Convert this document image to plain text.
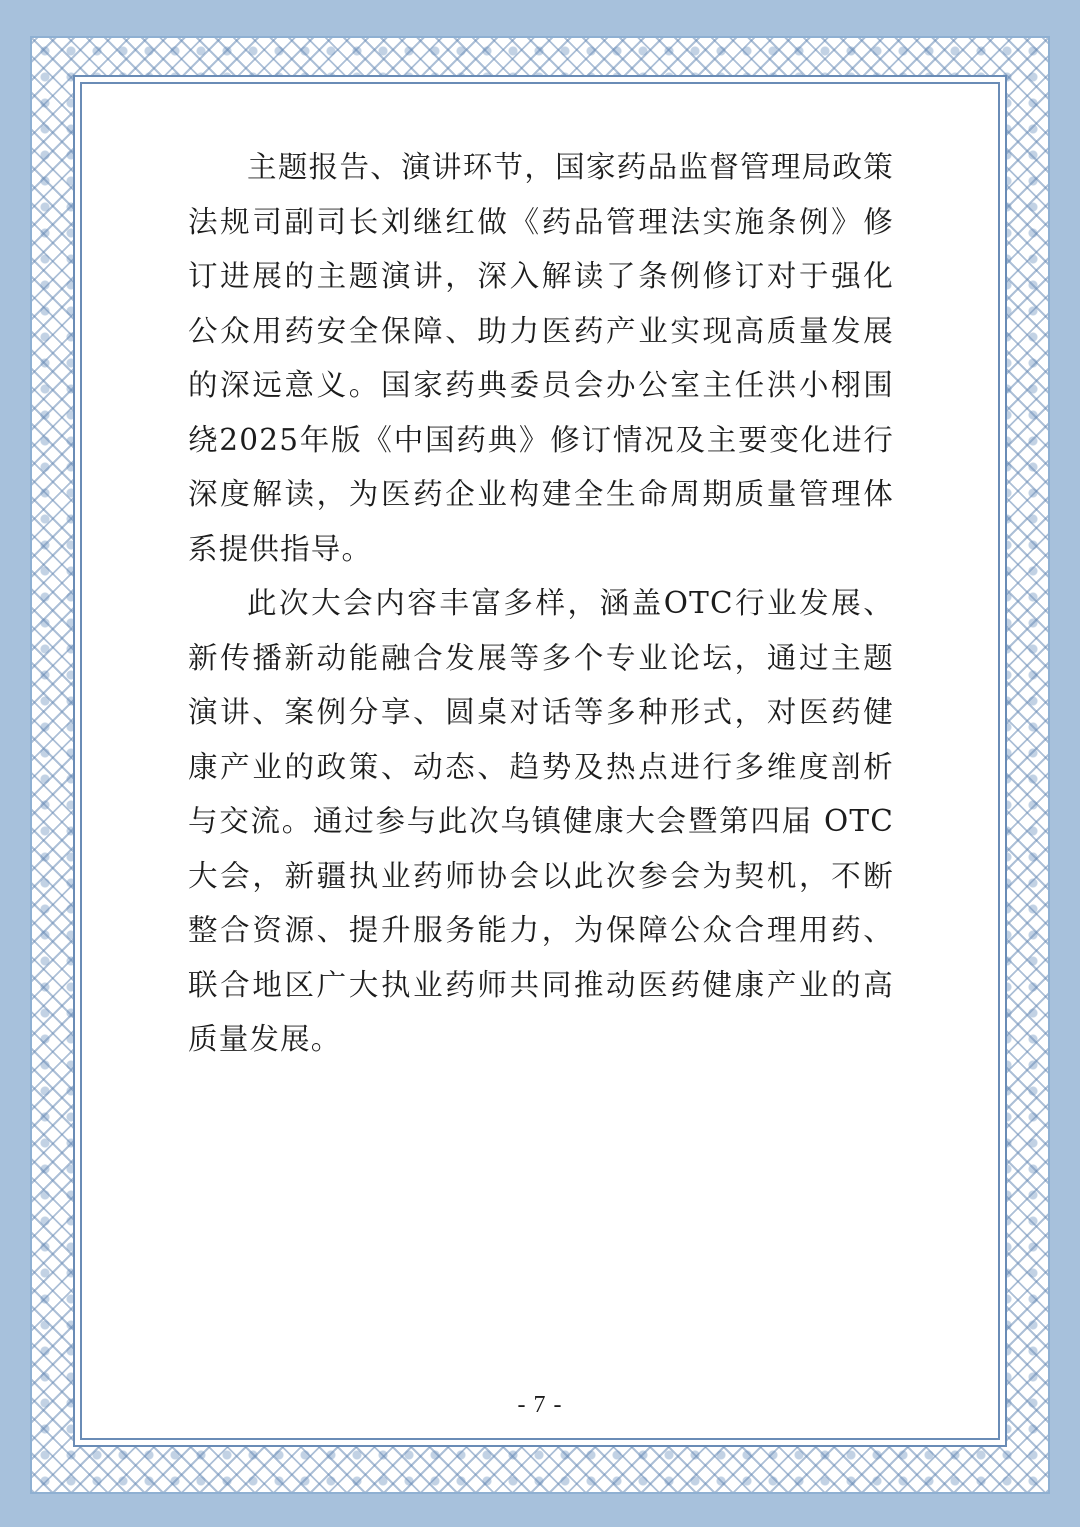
主题报告、演讲环节，国家药品监督管理局政策法规司副司长刘继红做《药品管理法实施条例》修订进展的主题演讲，深入解读了条例修订对于强化公众用药安全保障、助力医药产业实现高质量发展的深远意义。国家药典委员会办公室主任洪小栩围绕2025年版《中国药典》修订情况及主要变化进行深度解读，为医药企业构建全生命周期质量管理体系提供指导。

此次大会内容丰富多样，涵盖OTC行业发展、新传播新动能融合发展等多个专业论坛，通过主题演讲、案例分享、圆桌对话等多种形式，对医药健康产业的政策、动态、趋势及热点进行多维度剖析与交流。通过参与此次乌镇健康大会暨第四届 OTC 大会，新疆执业药师协会以此次参会为契机，不断整合资源、提升服务能力，为保障公众合理用药、联合地区广大执业药师共同推动医药健康产业的高质量发展。

- 7 -
